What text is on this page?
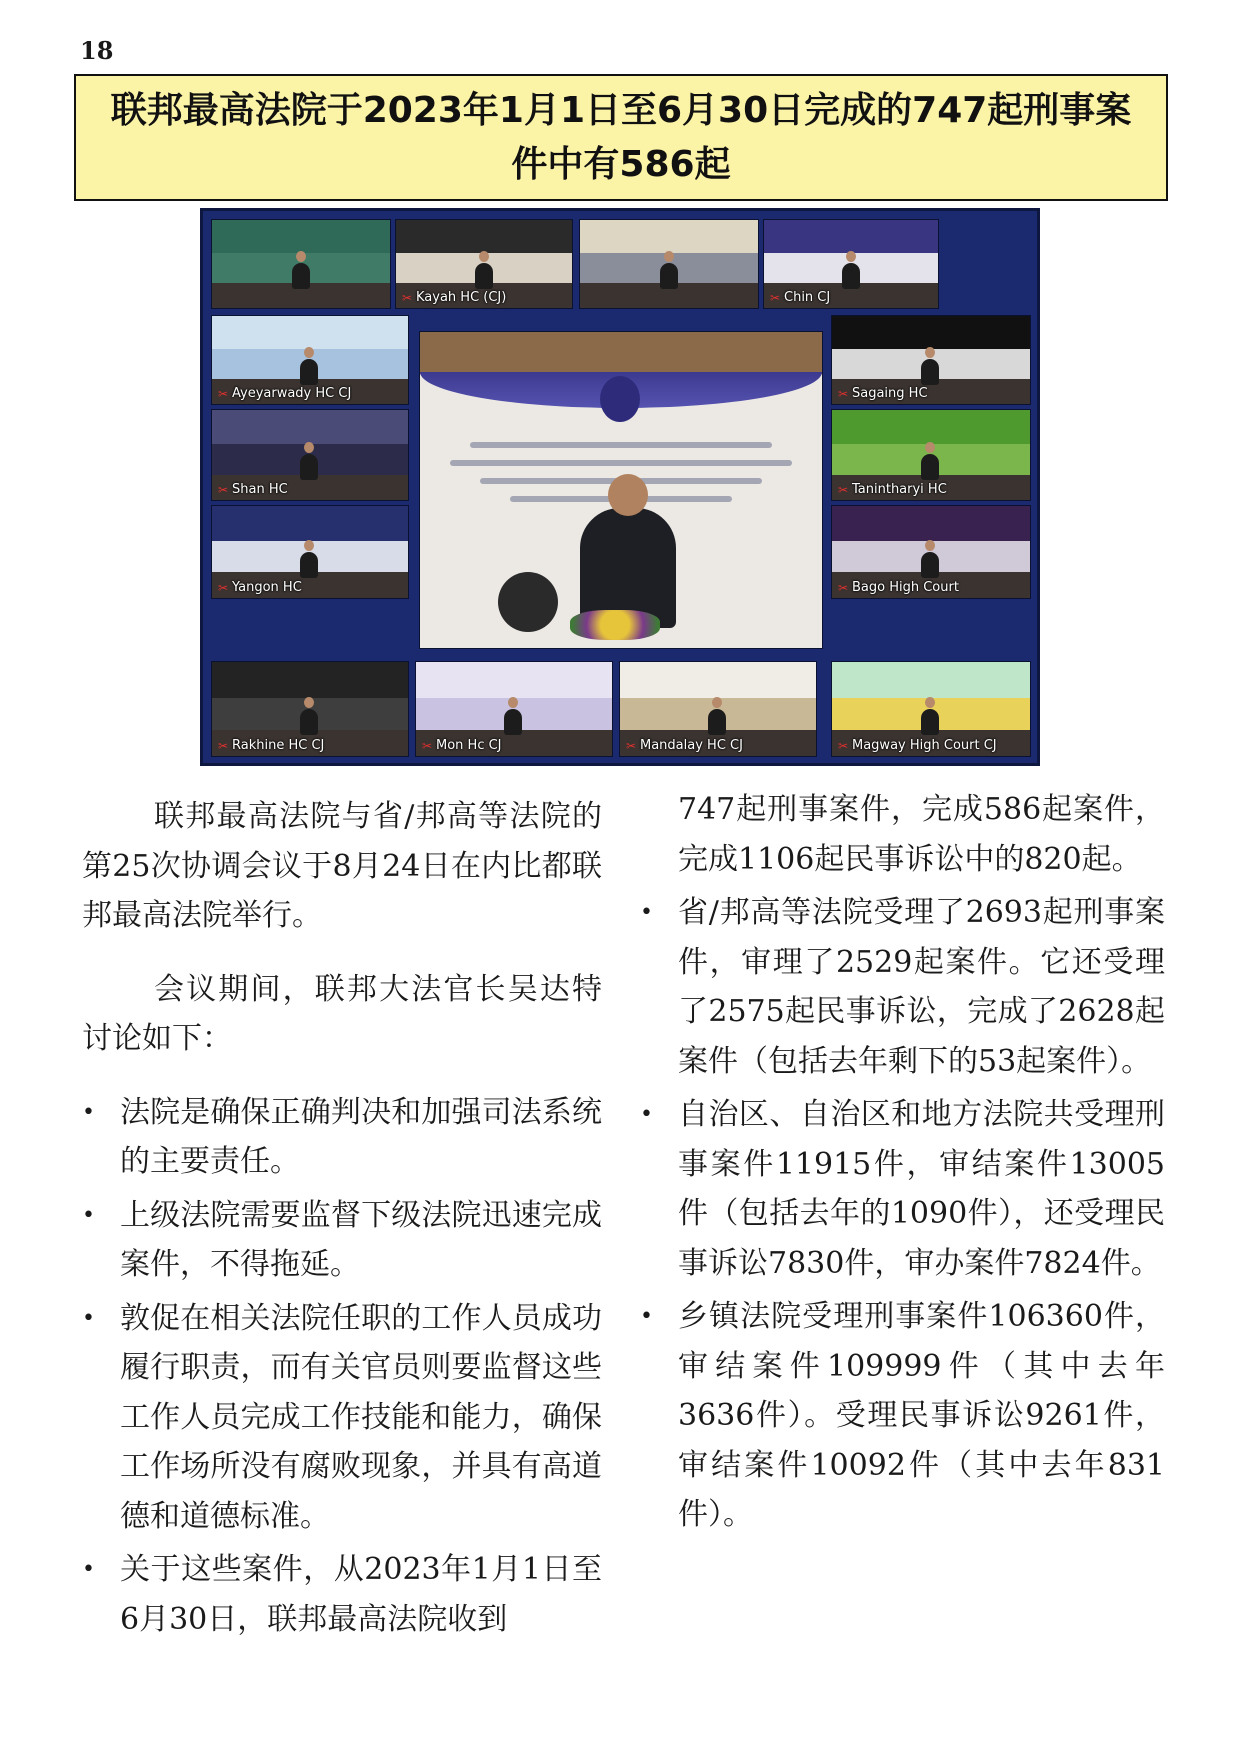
18
联邦最高法院于2023年1月1日至6月30日完成的747起刑事案件中有586起
✂ Kayah HC (CJ)	✂ Chin CJ
✂ Ayeyarwady HC CJ	✂ Sagaing HC
✂ Shan HC	✂ Tanintharyi HC
✂ Yangon HC	✂ Bago High Court
✂ Rakhine HC CJ	✂ Mon Hc CJ	✂ Mandalay HC CJ	✂ Magway High Court CJ

联邦最高法院与省/邦高等法院的第25次协调会议于8月24日在内比都联邦最高法院举行。

会议期间，联邦大法官长吴达特讨论如下：

• 法院是确保正确判决和加强司法系统的主要责任。
• 上级法院需要监督下级法院迅速完成案件，不得拖延。
• 敦促在相关法院任职的工作人员成功履行职责，而有关官员则要监督这些工作人员完成工作技能和能力，确保工作场所没有腐败现象，并具有高道德和道德标准。
• 关于这些案件，从2023年1月1日至6月30日，联邦最高法院收到
747起刑事案件，完成586起案件，完成1106起民事诉讼中的820起。
• 省/邦高等法院受理了2693起刑事案件，审理了2529起案件。它还受理了2575起民事诉讼，完成了2628起案件（包括去年剩下的53起案件）。
• 自治区、自治区和地方法院共受理刑事案件11915件，审结案件13005件（包括去年的1090件），还受理民事诉讼7830件，审办案件7824件。
• 乡镇法院受理刑事案件106360件，审结案件109999件（其中去年3636件）。受理民事诉讼9261件，审结案件10092件（其中去年831件）。
